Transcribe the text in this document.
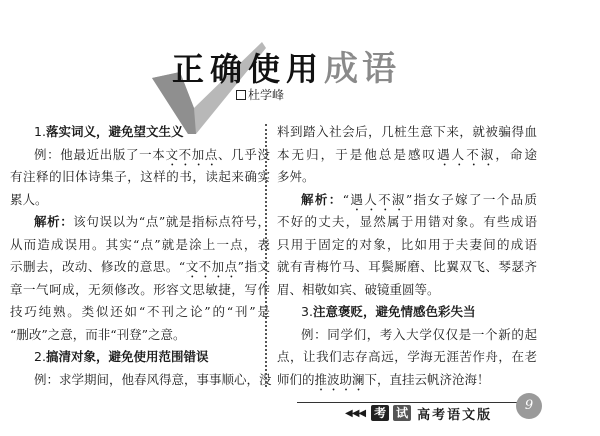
正确使用成语
杜学峰
1.落实词义，避免望文生义
例：他最近出版了一本文不加点、几乎没
有注释的旧体诗集子，这样的书，读起来确实
累人。
解析：该句误以为“点”就是指标点符号，
从而造成误用。其实“点”就是涂上一点，表
示删去，改动、修改的意思。“文不加点”指文
章一气呵成，无须修改。形容文思敏捷，写作
技巧纯熟。类似还如“不刊之论”的“刊”是
“删改”之意，而非“刊登”之意。
2.搞清对象，避免使用范围错误
例：求学期间，他春风得意，事事顺心，没
料到踏入社会后，几桩生意下来，就被骗得血
本无归，于是他总是感叹遇人不淑，命途
多舛。
解析：“遇人不淑”指女子嫁了一个品质
不好的丈夫，显然属于用错对象。有些成语
只用于固定的对象，比如用于夫妻间的成语
就有青梅竹马、耳鬓厮磨、比翼双飞、琴瑟齐
眉、相敬如宾、破镜重圆等。
3.注意褒贬，避免情感色彩失当
例：同学们，考入大学仅仅是一个新的起
点，让我们志存高远，学海无涯苦作舟，在老
师们的推波助澜下，直挂云帆济沧海！
◀◀◀ 考 试 高考语文版
9
